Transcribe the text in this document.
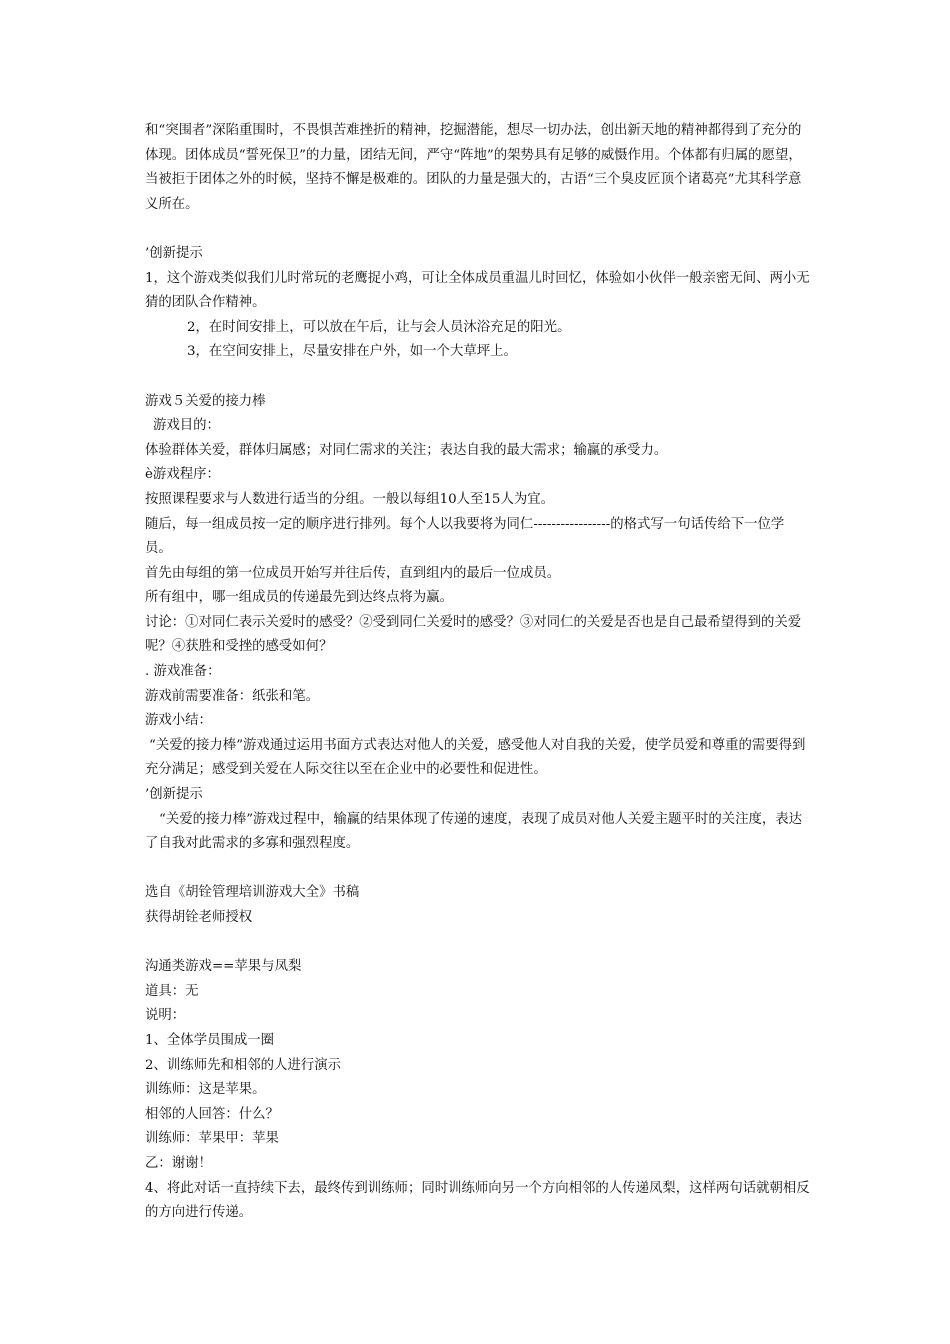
和“突围者”深陷重围时，不畏惧苦难挫折的精神，挖掘潜能，想尽一切办法，创出新天地的精神都得到了充分的体现。团体成员“誓死保卫”的力量，团结无间，严守“阵地”的架势具有足够的威慑作用。个体都有归属的愿望，当被拒于团体之外的时候，坚持不懈是极难的。团队的力量是强大的，古语“三个臭皮匠顶个诸葛亮”尤其科学意义所在。

’创新提示

1，这个游戏类似我们儿时常玩的老鹰捉小鸡，可让全体成员重温儿时回忆，体验如小伙伴一般亲密无间、两小无猜的团队合作精神。

2，在时间安排上，可以放在午后，让与会人员沐浴充足的阳光。

3，在空间安排上，尽量安排在户外，如一个大草坪上。

游戏５关爱的接力棒

游戏目的：

体验群体关爱，群体归属感；对同仁需求的关注；表达自我的最大需求；输赢的承受力。

è游戏程序：

按照课程要求与人数进行适当的分组。一般以每组10人至15人为宜。

随后，每一组成员按一定的顺序进行排列。每个人以我要将为同仁-----------------的格式写一句话传给下一位学员。

首先由每组的第一位成员开始写并往后传，直到组内的最后一位成员。

所有组中，哪一组成员的传递最先到达终点将为赢。

讨论：①对同仁表示关爱时的感受？②受到同仁关爱时的感受？③对同仁的关爱是否也是自己最希望得到的关爱呢？④获胜和受挫的感受如何？

. 游戏准备：

游戏前需要准备：纸张和笔。

游戏小结：

“关爱的接力棒”游戏通过运用书面方式表达对他人的关爱，感受他人对自我的关爱，使学员爱和尊重的需要得到充分满足；感受到关爱在人际交往以至在企业中的必要性和促进性。

’创新提示

“关爱的接力棒”游戏过程中，输赢的结果体现了传递的速度，表现了成员对他人关爱主题平时的关注度，表达了自我对此需求的多寡和强烈程度。

选自《胡铨管理培训游戏大全》书稿

获得胡铨老师授权

沟通类游戏==苹果与凤梨

道具：无

说明：

1、全体学员围成一圈

2、训练师先和相邻的人进行演示

训练师：这是苹果。

相邻的人回答：什么？

训练师：苹果甲：苹果

乙：谢谢！

4、将此对话一直持续下去，最终传到训练师；同时训练师向另一个方向相邻的人传递凤梨，这样两句话就朝相反的方向进行传递。
